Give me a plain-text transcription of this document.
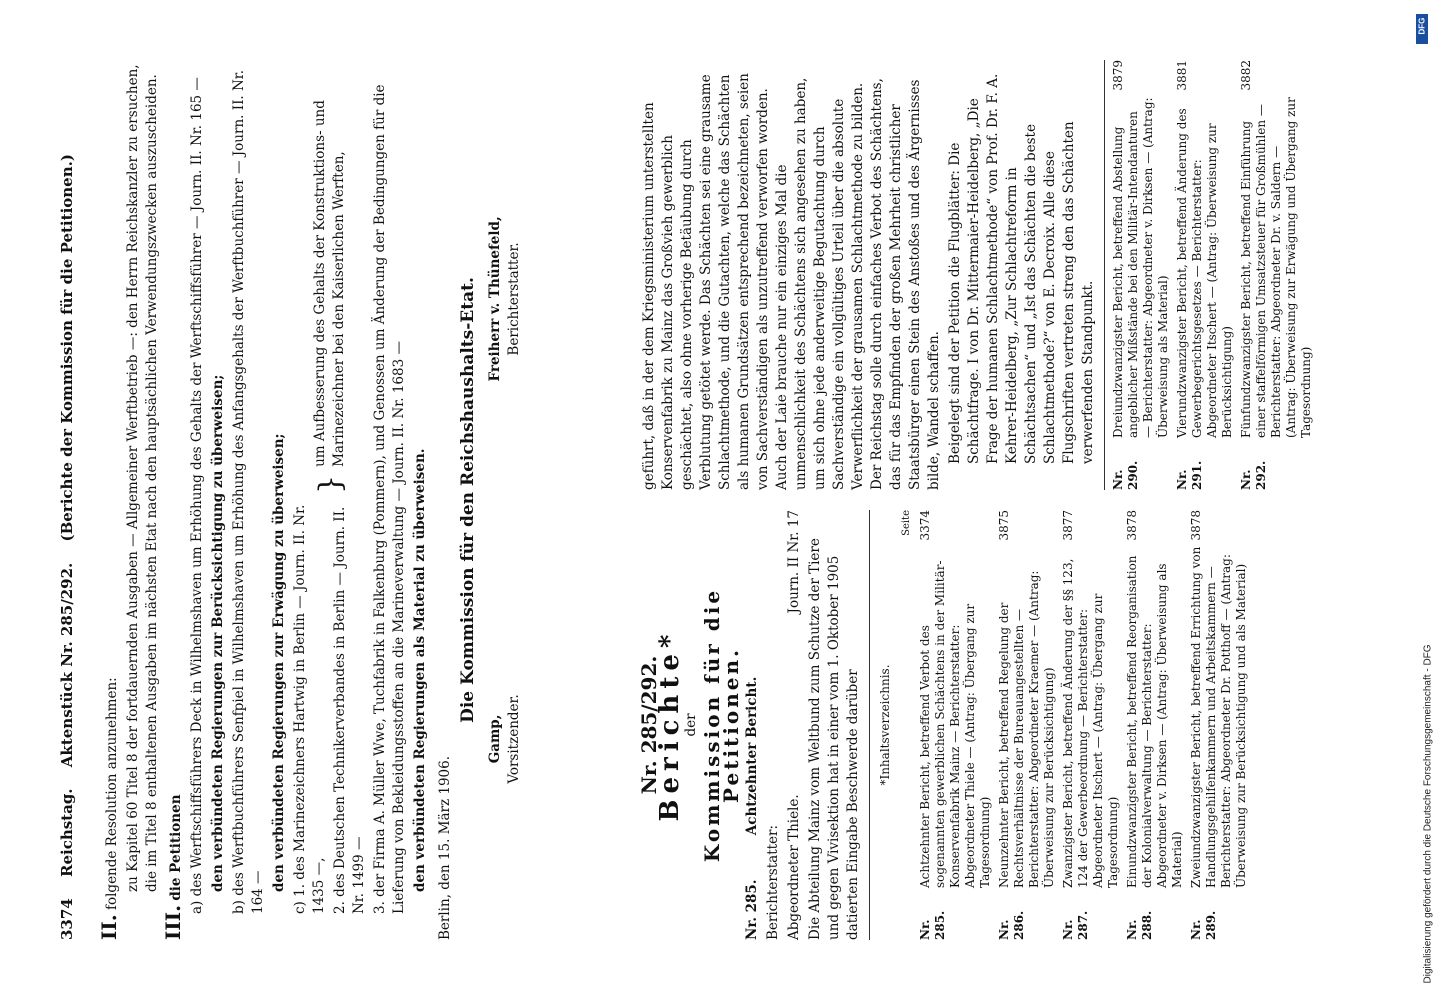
3374 Reichstag. Aktenstück Nr. 285/292. (Berichte der Kommission für die Petitionen.)

II. folgende Resolution anzunehmen: zu Kapitel 60 Titel 8 der fortdauernden Ausgaben — Allgemeiner Werftbetrieb —: den Herrn Reichskanzler zu ersuchen, die im Titel 8 enthaltenen Ausgaben im nächsten Etat nach den hauptsächlichen Verwendungszwecken auszuscheiden.

III. die Petitionen a) des Werftschiffsführers Deck in Wilhelmshaven um Erhöhung des Gehalts der Werftschiffsführer — Journ. II. Nr. 165 — den verbündeten Regierungen zur Berücksichtigung zu überweisen; b) des Werftbuchführers Senfpiel in Wilhelmshaven um Erhöhung des Anfangsgehalts der Werftbuchführer — Journ. II. Nr. 164 —

den verbündeten Regierungen zur Erwägung zu überweisen; c) 1. des Marinezeichners Hartwig in Berlin — Journ. II. Nr. 1435 —, 2. des Deutschen Technikerverbandes in Berlin — Journ. II. Nr. 1499 —

}

um Aufbesserung des Gehalts der Konstruktions- und Marinezeichner bei den Kaiserlichen Werften, 3. der Firma A. Müller Wwe, Tuchfabrik in Falkenburg (Pommern), und Genossen um Änderung der Bedingungen für die Lieferung von Bekleidungsstoffen an die Marineverwaltung — Journ. II. Nr. 1683 — den verbündeten Regierungen als Material zu überweisen. Berlin, den 15. März 1906.

Die Kommission für den Reichshaushalts-Etat.

Gamp, Vorsitzender.
Freiherr v. Thünefeld, Berichterstatter.

Nr. 285/292.

Berichte*

der Kommission für die Petitionen.

Nr. 285. Achtzehnter Bericht.

Berichterstatter: Abgeordneter Thiele.
Journ. II Nr. 17 Die Abteilung Mainz vom Weltbund zum Schutze der Tiere und gegen Vivisektion hat in einer vom 1. Oktober 1905 datierten Eingabe Beschwerde darüber *Inhaltsverzeichnis.

Seite

Nr. 285.
Achtzehnter Bericht, betreffend Verbot des sogenannten gewerblichen Schächtens in der Militär-Konservenfabrik Mainz — Berichterstatter: Abgeordneter Thiele — (Antrag: Übergang zur Tagesordnung)
3374
Nr. 286.
Neunzehnter Bericht, betreffend Regelung der Rechtsverhältnisse der Bureauangestellten — Berichterstatter: Abgeordneter Kraemer — (Antrag: Überweisung zur Berücksichtigung)
3875
Nr. 287.
Zwanzigster Bericht, betreffend Änderung der §§ 123, 124 der Gewerbeordnung — Berichterstatter: Abgeordneter Itschert — (Antrag: Übergang zur Tagesordnung)
3877
Nr. 288.
Einundzwanzigster Bericht, betreffend Reorganisation der Kolonialverwaltung — Berichterstatter: Abgeordneter v. Dirksen — (Antrag: Überweisung als Material)
3878
Nr. 289.
Zweiundzwanzigster Bericht, betreffend Errichtung von Handlungsgehilfenkammern und Arbeitskammern — Berichterstatter: Abgeordneter Dr. Potthoff — (Antrag: Überweisung zur Berücksichtigung und als Material)
3878

geführt, daß in der dem Kriegsministerium unterstellten Konservenfabrik zu Mainz das Großvieh gewerblich geschächtet, also ohne vorherige Betäubung durch Verblutung getötet werde. Das Schächten sei eine grausame Schlachtmethode, und die Gutachten, welche das Schächten als humanen Grundsätzen entsprechend bezeichneten, seien von Sachverständigen als unzutreffend verworfen worden. Auch der Laie brauche nur ein einziges Mal die unmenschlichkeit des Schächtens sich angesehen zu haben, um sich ohne jede anderweitige Begutachtung durch Sachverständige ein vollgültiges Urteil über die absolute Verwerflichkeit der grausamen Schlachtmethode zu bilden. Der Reichstag solle durch einfaches Verbot des Schächtens, das für das Empfinden der großen Mehrheit christlicher Staatsbürger einen Stein des Anstoßes und des Ärgernisses bilde, Wandel schaffen. Beigelegt sind der Petition die Flugblätter: Die Schächtfrage. I von Dr. Mittermaier-Heidelberg, „Die Frage der humanen Schlachtmethode“ von Prof. Dr. F. A. Kehrer-Heidelberg, „Zur Schlachtreform in Schächtsachen“ und „Ist das Schächten die beste Schlachtmethode?“ von E. Decroix. Alle diese Flugschriften vertreten streng den das Schächten verwerfenden Standpunkt.

Nr. 290.
Dreiundzwanzigster Bericht, betreffend Abstellung angeblicher Mißstände bei den Militär-Intendanturen — Berichterstatter: Abgeordneter v. Dirksen — (Antrag: Überweisung als Material)
3879
Nr. 291.
Vierundzwanzigster Bericht, betreffend Änderung des Gewerbegerichtsgesetzes — Berichterstatter: Abgeordneter Itschert — (Antrag: Überweisung zur Berücksichtigung)
3881
Nr. 292.
Fünfundzwanzigster Bericht, betreffend Einführung einer staffelförmigen Umsatzsteuer für Großmühlen — Berichterstatter: Abgeordneter Dr. v. Saldern — (Antrag: Überweisung zur Erwägung und Übergang zur Tagesordnung)
3882
DFG
Digitalisierung gefördert durch die Deutsche Forschungsgemeinschaft - DFG
